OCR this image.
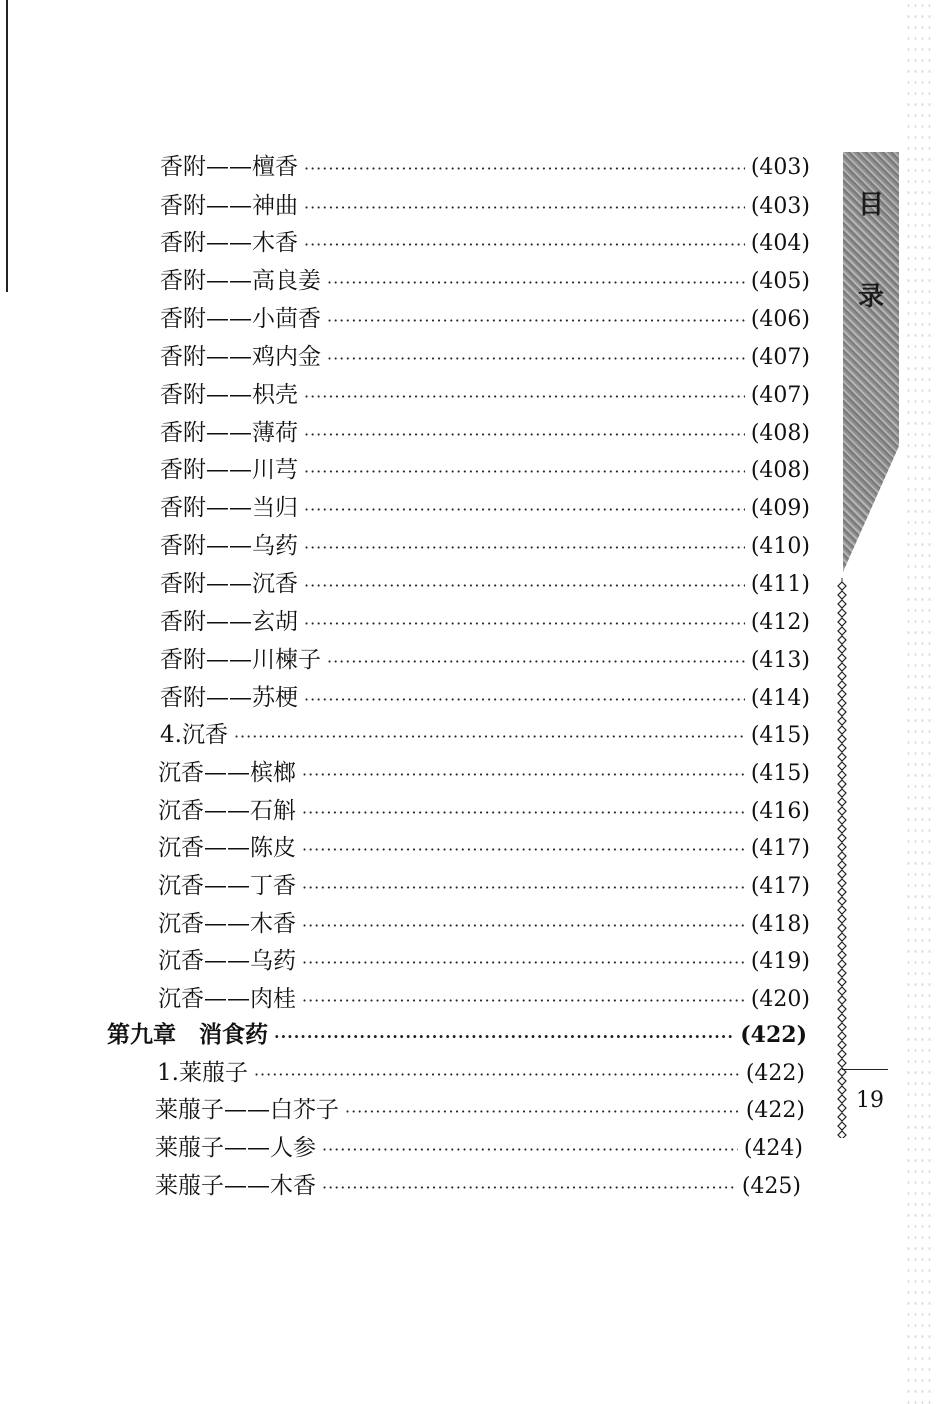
目
录
19
香附——檀香 ·····	(403)
香附——神曲 ·····	(403)
香附——木香 ·····	(404)
香附——高良姜 ·····	(405)
香附——小茴香 ·····	(406)
香附——鸡内金 ·····	(407)
香附——枳壳 ·····	(407)
香附——薄荷 ·····	(408)
香附——川芎 ·····	(408)
香附——当归 ·····	(409)
香附——乌药 ·····	(410)
香附——沉香 ·····	(411)
香附——玄胡 ·····	(412)
香附——川楝子 ·····	(413)
香附——苏梗 ·····	(414)
4.沉香 ·····	(415)
沉香——槟榔 ·····	(415)
沉香——石斛 ·····	(416)
沉香——陈皮 ·····	(417)
沉香——丁香 ·····	(417)
沉香——木香 ·····	(418)
沉香——乌药 ·····	(419)
沉香——肉桂 ·····	(420)
第九章　消食药 ·····	(422)
1.莱菔子 ·····	(422)
莱菔子——白芥子 ·····	(422)
莱菔子——人参 ·····	(424)
莱菔子——木香 ·····	(425)
